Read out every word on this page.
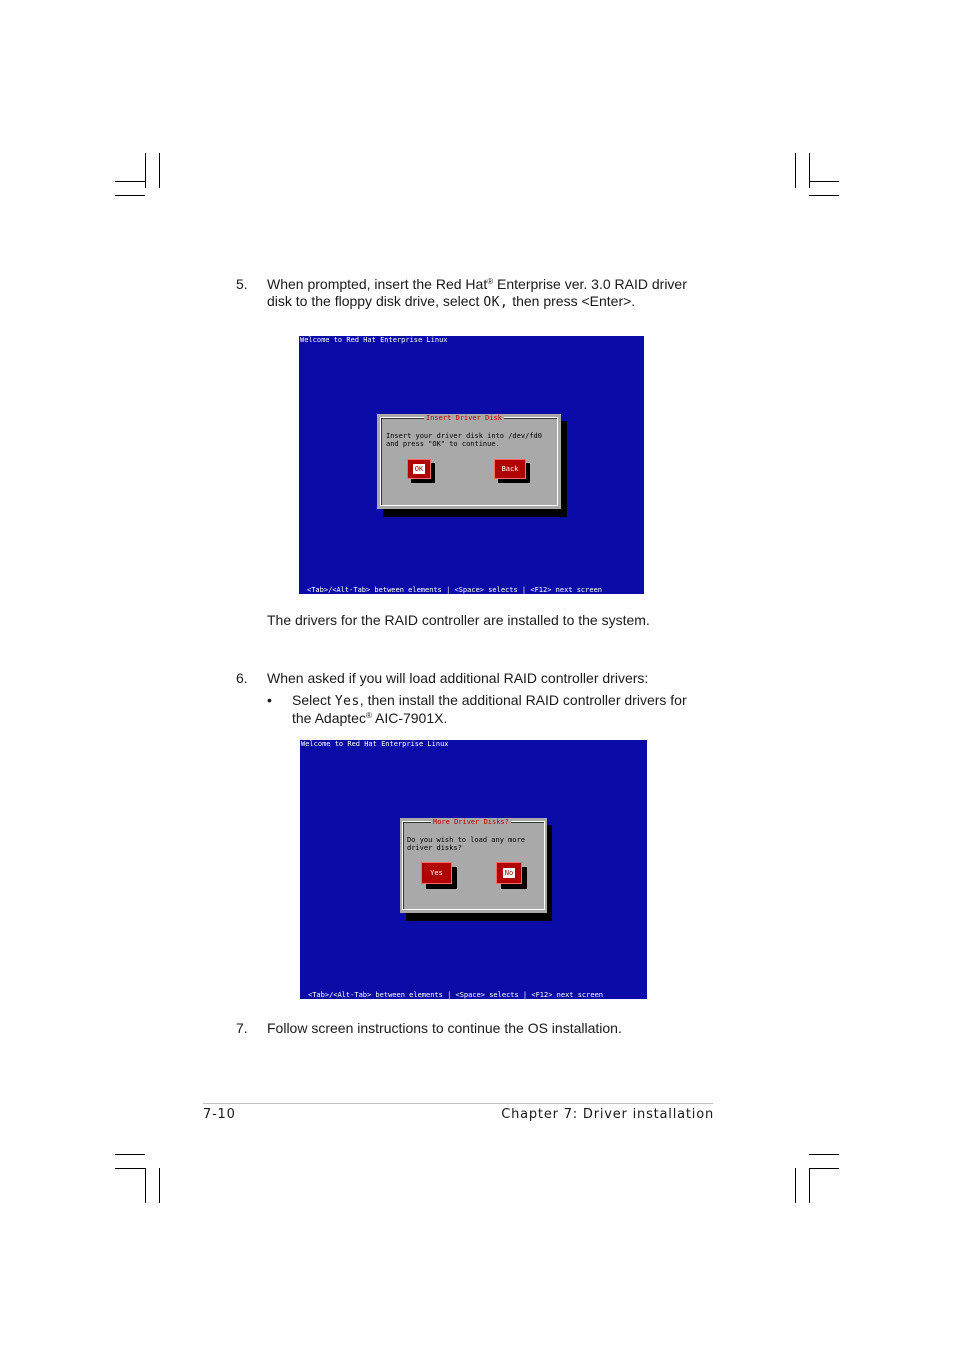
5. When prompted, insert the Red Hat® Enterprise ver. 3.0 RAID driver
disk to the floppy disk drive, select OK, then press <Enter>.
Welcome to Red Hat Enterprise Linux
Insert Driver Disk
Insert your driver disk into /dev/fd0
and press "OK" to continue.
OK	Back
<Tab>/<Alt-Tab> between elements | <Space> selects | <F12> next screen
The drivers for the RAID controller are installed to the system.
6. When asked if you will load additional RAID controller drivers:
• Select Yes, then install the additional RAID controller drivers for
the Adaptec® AIC-7901X.
Welcome to Red Hat Enterprise Linux
More Driver Disks?
Do you wish to load any more
driver disks?
Yes	No
<Tab>/<Alt-Tab> between elements | <Space> selects | <F12> next screen
7. Follow screen instructions to continue the OS installation.
7-10	Chapter 7: Driver installation
